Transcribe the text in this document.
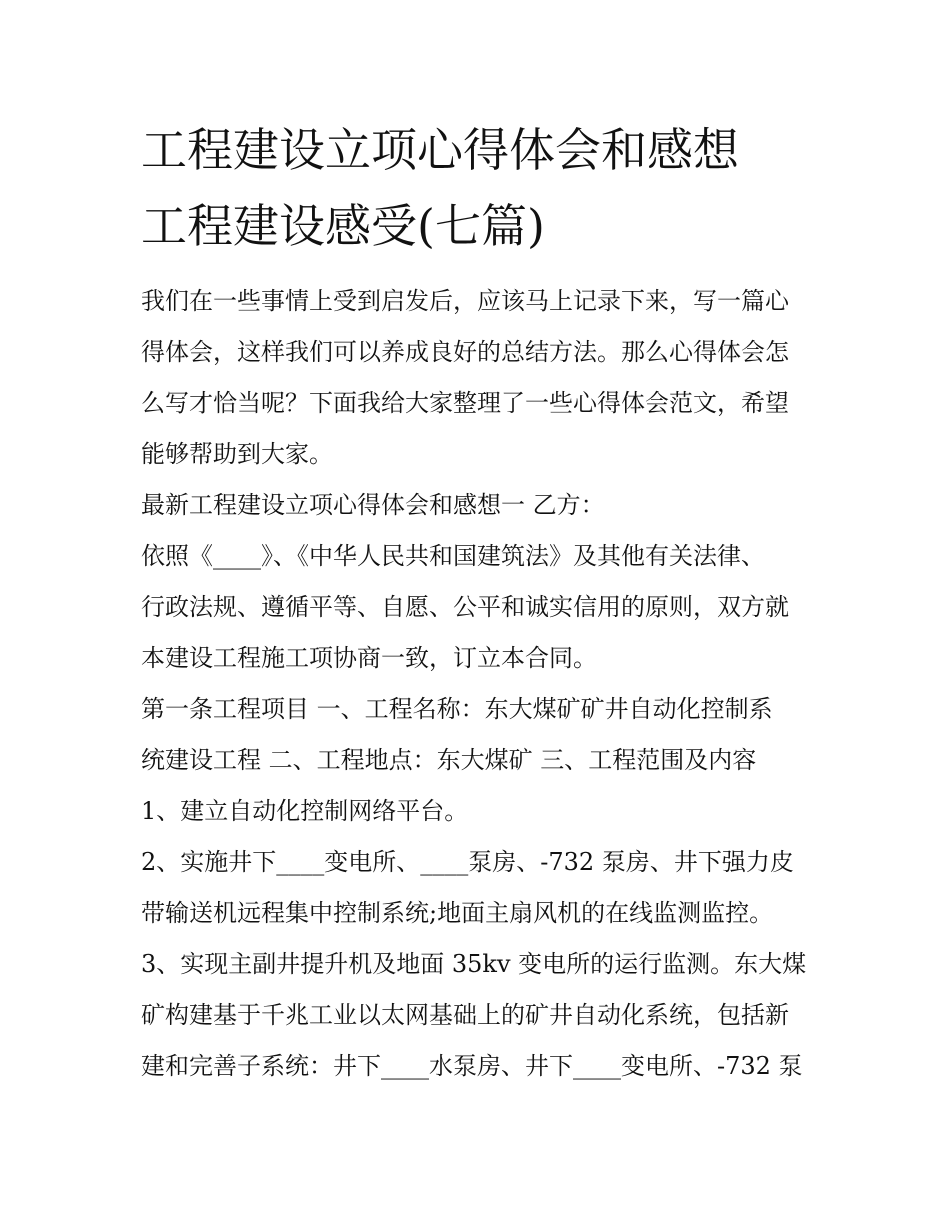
工程建设立项心得体会和感想
工程建设感受(七篇)
我们在一些事情上受到启发后，应该马上记录下来，写一篇心
得体会，这样我们可以养成良好的总结方法。那么心得体会怎
么写才恰当呢？下面我给大家整理了一些心得体会范文，希望
能够帮助到大家。
最新工程建设立项心得体会和感想一 乙方：
依照《____》、《中华人民共和国建筑法》及其他有关法律、
行政法规、遵循平等、自愿、公平和诚实信用的原则，双方就
本建设工程施工项协商一致，订立本合同。
第一条工程项目 一、工程名称：东大煤矿矿井自动化控制系
统建设工程 二、工程地点：东大煤矿 三、工程范围及内容
1、建立自动化控制网络平台。
2、实施井下____变电所、____泵房、-732 泵房、井下强力皮
带输送机远程集中控制系统;地面主扇风机的在线监测监控。
3、实现主副井提升机及地面 35kv 变电所的运行监测。东大煤
矿构建基于千兆工业以太网基础上的矿井自动化系统，包括新
建和完善子系统：井下____水泵房、井下____变电所、-732 泵
